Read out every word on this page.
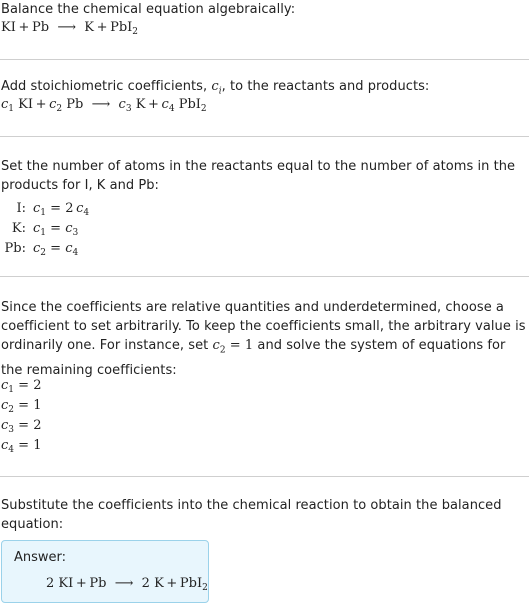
Balance the chemical equation algebraically:
KI  +  Pb ⟶ K  +  PbI$_2$
Add stoichiometric coefficients, $c_i$, to the reactants and products:
$c_1$ KI  +  $c_2$ Pb ⟶ $c_3$ $K + c_4$ PbI$_2$
Set the number of atoms in the reactants equal to the number of atoms in the products for I, K and Pb:
I: $c_1 = 2$  $c_4$
K: $c_1 = c_3$
Pb: $c_2 = c_4$
Since the coefficients are relative quantities and underdetermined, choose a coefficient to set arbitrarily. To keep the coefficients small, the arbitrary value is ordinarily one. For instance, set $c_2 = 1$ and solve the system of equations for the remaining coefficients:
$c_1 = 2$
$c_2 = 1$
$c_3 = 2$
$c_4 = 1$
Substitute the coefficients into the chemical reaction to obtain the balanced equation:
Answer:
2 KI  +  Pb ⟶ 2 K  +  PbI$_2$
